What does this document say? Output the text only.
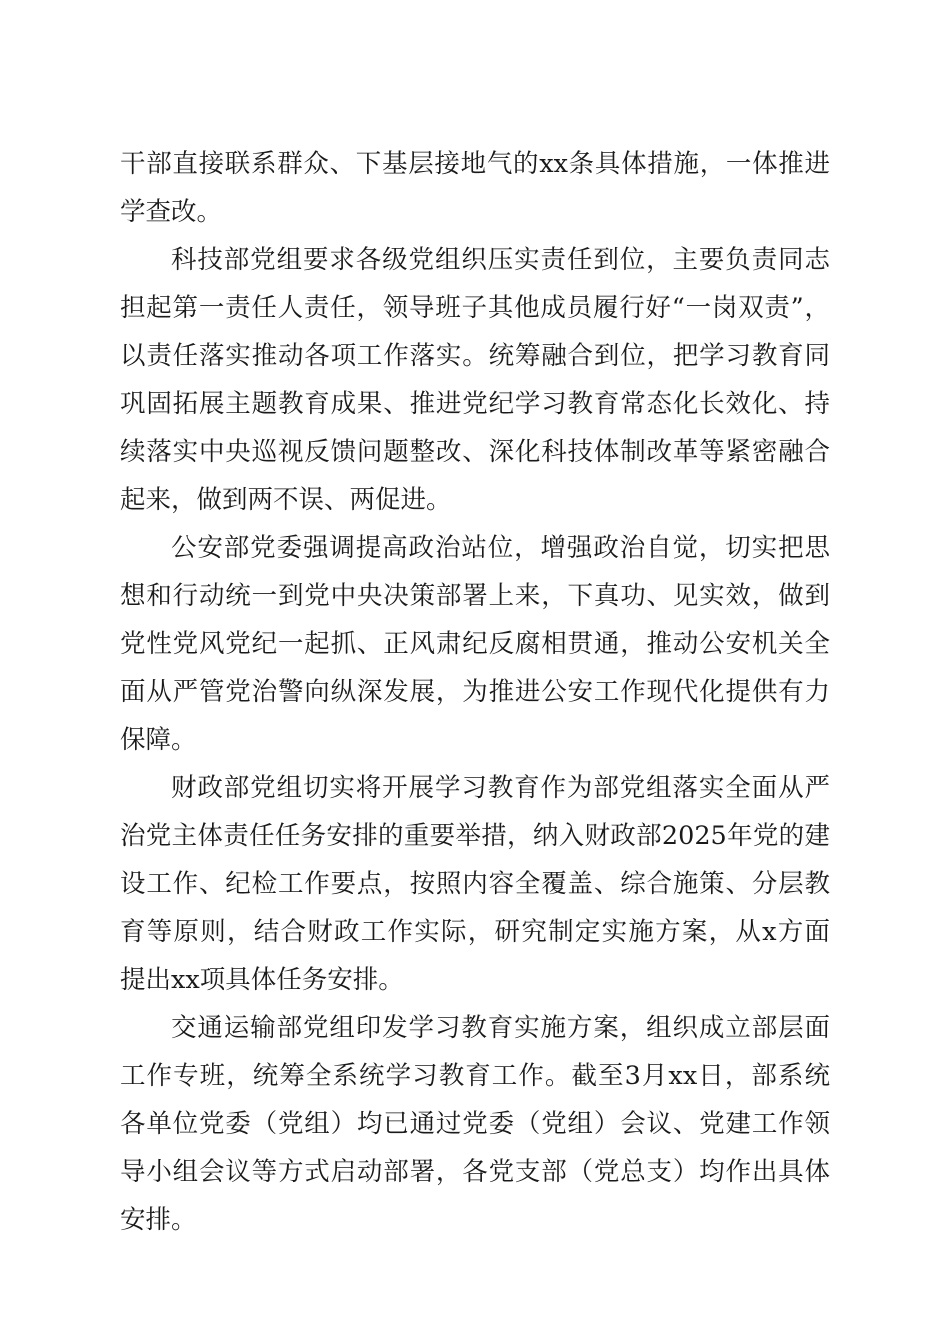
干部直接联系群众、下基层接地气的xx条具体措施，一体推进
学查改。
科技部党组要求各级党组织压实责任到位，主要负责同志
担起第一责任人责任，领导班子其他成员履行好“一岗双责”，
以责任落实推动各项工作落实。统筹融合到位，把学习教育同
巩固拓展主题教育成果、推进党纪学习教育常态化长效化、持
续落实中央巡视反馈问题整改、深化科技体制改革等紧密融合
起来，做到两不误、两促进。
公安部党委强调提高政治站位，增强政治自觉，切实把思
想和行动统一到党中央决策部署上来，下真功、见实效，做到
党性党风党纪一起抓、正风肃纪反腐相贯通，推动公安机关全
面从严管党治警向纵深发展，为推进公安工作现代化提供有力
保障。
财政部党组切实将开展学习教育作为部党组落实全面从严
治党主体责任任务安排的重要举措，纳入财政部2025年党的建
设工作、纪检工作要点，按照内容全覆盖、综合施策、分层教
育等原则，结合财政工作实际，研究制定实施方案，从x方面
提出xx项具体任务安排。
交通运输部党组印发学习教育实施方案，组织成立部层面
工作专班，统筹全系统学习教育工作。截至3月xx日，部系统
各单位党委（党组）均已通过党委（党组）会议、党建工作领
导小组会议等方式启动部署，各党支部（党总支）均作出具体
安排。
